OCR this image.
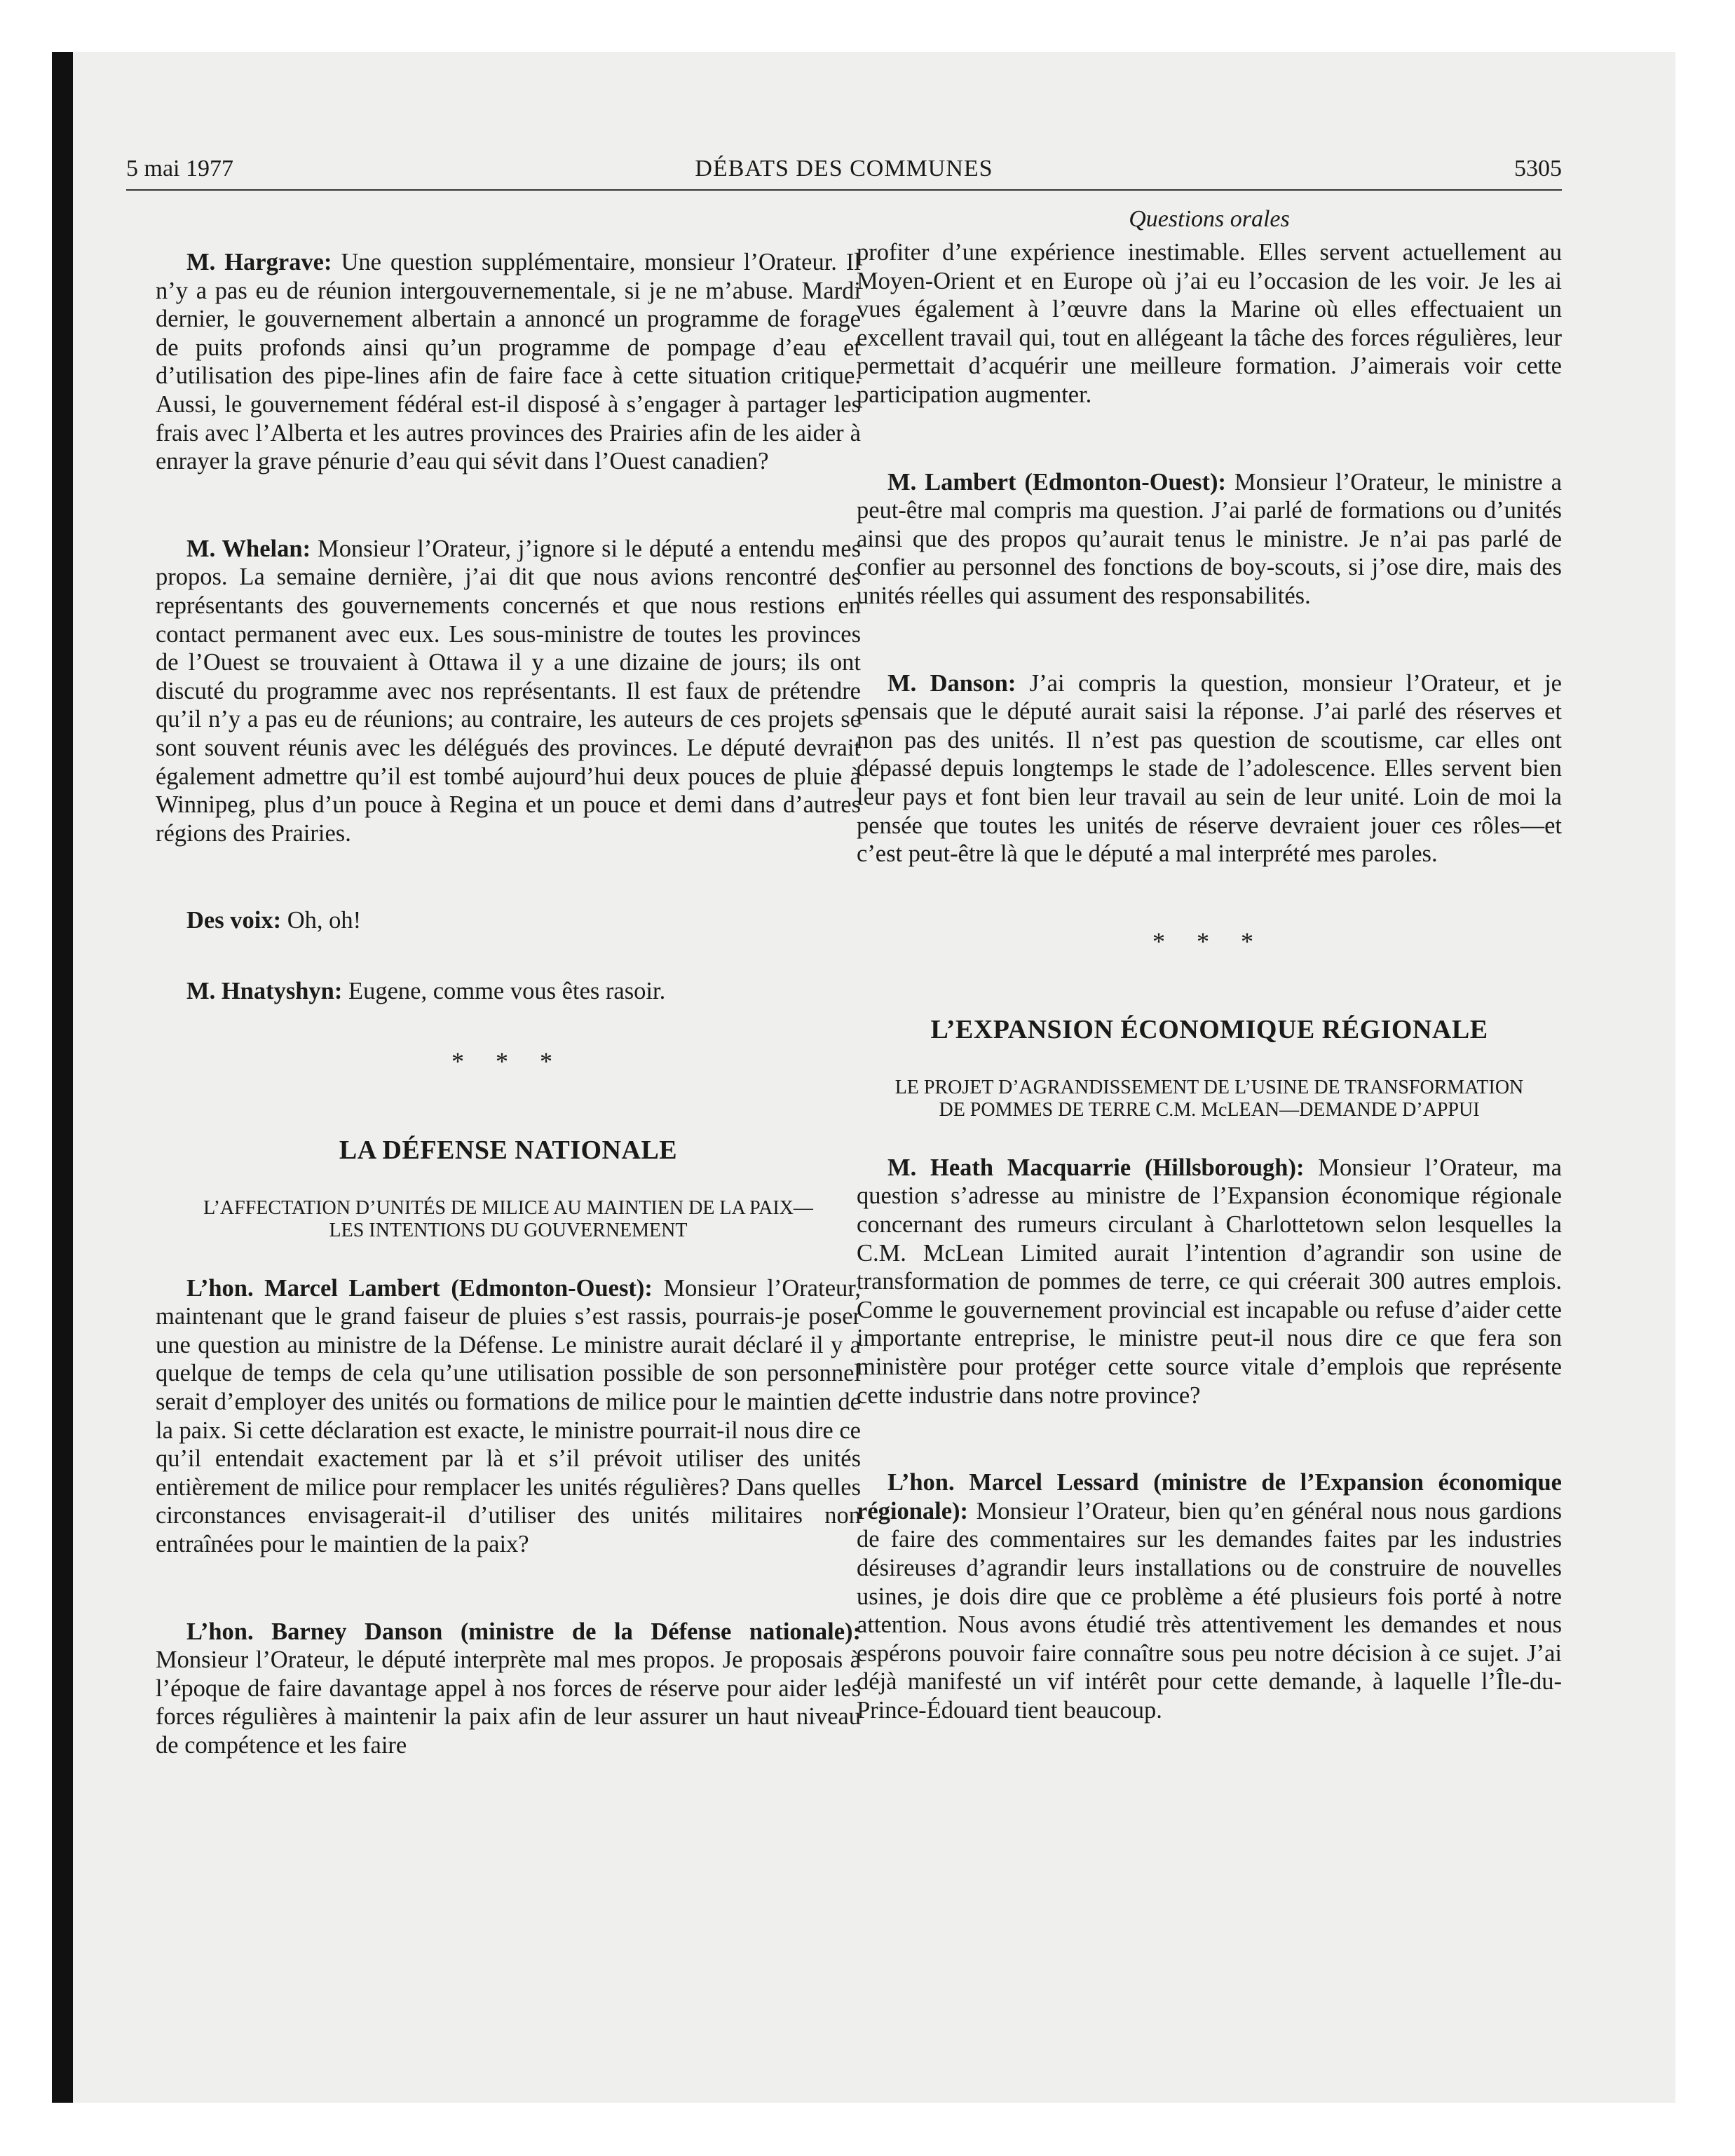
5 mai 1977	DÉBATS DES COMMUNES	5305
Questions orales

M. Hargrave: Une question supplémentaire, monsieur l’Orateur. Il n’y a pas eu de réunion intergouvernementale, si je ne m’abuse. Mardi dernier, le gouvernement albertain a annoncé un programme de forage de puits profonds ainsi qu’un programme de pompage d’eau et d’utilisation des pipe-lines afin de faire face à cette situation critique. Aussi, le gouvernement fédéral est-il disposé à s’engager à partager les frais avec l’Alberta et les autres provinces des Prairies afin de les aider à enrayer la grave pénurie d’eau qui sévit dans l’Ouest canadien?

M. Whelan: Monsieur l’Orateur, j’ignore si le député a entendu mes propos. La semaine dernière, j’ai dit que nous avions rencontré des représentants des gouvernements concernés et que nous restions en contact permanent avec eux. Les sous-ministre de toutes les provinces de l’Ouest se trouvaient à Ottawa il y a une dizaine de jours; ils ont discuté du programme avec nos représentants. Il est faux de prétendre qu’il n’y a pas eu de réunions; au contraire, les auteurs de ces projets se sont souvent réunis avec les délégués des provinces. Le député devrait également admettre qu’il est tombé aujourd’hui deux pouces de pluie à Winnipeg, plus d’un pouce à Regina et un pouce et demi dans d’autres régions des Prairies.

Des voix: Oh, oh!

M. Hnatyshyn: Eugene, comme vous êtes rasoir.

* * *
LA DÉFENSE NATIONALE
L’AFFECTATION D’UNITÉS DE MILICE AU MAINTIEN DE LA PAIX—LES INTENTIONS DU GOUVERNEMENT

L’hon. Marcel Lambert (Edmonton-Ouest): Monsieur l’Orateur, maintenant que le grand faiseur de pluies s’est rassis, pourrais-je poser une question au ministre de la Défense. Le ministre aurait déclaré il y a quelque de temps de cela qu’une utilisation possible de son personnel serait d’employer des unités ou formations de milice pour le maintien de la paix. Si cette déclaration est exacte, le ministre pourrait-il nous dire ce qu’il entendait exactement par là et s’il prévoit utiliser des unités entièrement de milice pour remplacer les unités régulières? Dans quelles circonstances envisagerait-il d’utiliser des unités militaires non entraînées pour le maintien de la paix?

L’hon. Barney Danson (ministre de la Défense nationale): Monsieur l’Orateur, le député interprète mal mes propos. Je proposais à l’époque de faire davantage appel à nos forces de réserve pour aider les forces régulières à maintenir la paix afin de leur assurer un haut niveau de compétence et les faire

profiter d’une expérience inestimable. Elles servent actuellement au Moyen-Orient et en Europe où j’ai eu l’occasion de les voir. Je les ai vues également à l’œuvre dans la Marine où elles effectuaient un excellent travail qui, tout en allégeant la tâche des forces régulières, leur permettait d’acquérir une meilleure formation. J’aimerais voir cette participation augmenter.

M. Lambert (Edmonton-Ouest): Monsieur l’Orateur, le ministre a peut-être mal compris ma question. J’ai parlé de formations ou d’unités ainsi que des propos qu’aurait tenus le ministre. Je n’ai pas parlé de confier au personnel des fonctions de boy-scouts, si j’ose dire, mais des unités réelles qui assument des responsabilités.

M. Danson: J’ai compris la question, monsieur l’Orateur, et je pensais que le député aurait saisi la réponse. J’ai parlé des réserves et non pas des unités. Il n’est pas question de scoutisme, car elles ont dépassé depuis longtemps le stade de l’adolescence. Elles servent bien leur pays et font bien leur travail au sein de leur unité. Loin de moi la pensée que toutes les unités de réserve devraient jouer ces rôles—et c’est peut-être là que le député a mal interprété mes paroles.

* * *
L’EXPANSION ÉCONOMIQUE RÉGIONALE
LE PROJET D’AGRANDISSEMENT DE L’USINE DE TRANSFORMATION DE POMMES DE TERRE C.M. McLEAN—DEMANDE D’APPUI

M. Heath Macquarrie (Hillsborough): Monsieur l’Orateur, ma question s’adresse au ministre de l’Expansion économique régionale concernant des rumeurs circulant à Charlottetown selon lesquelles la C.M. McLean Limited aurait l’intention d’agrandir son usine de transformation de pommes de terre, ce qui créerait 300 autres emplois. Comme le gouvernement provincial est incapable ou refuse d’aider cette importante entreprise, le ministre peut-il nous dire ce que fera son ministère pour protéger cette source vitale d’emplois que représente cette industrie dans notre province?

L’hon. Marcel Lessard (ministre de l’Expansion économique régionale): Monsieur l’Orateur, bien qu’en général nous nous gardions de faire des commentaires sur les demandes faites par les industries désireuses d’agrandir leurs installations ou de construire de nouvelles usines, je dois dire que ce problème a été plusieurs fois porté à notre attention. Nous avons étudié très attentivement les demandes et nous espérons pouvoir faire connaître sous peu notre décision à ce sujet. J’ai déjà manifesté un vif intérêt pour cette demande, à laquelle l’Île-du-Prince-Édouard tient beaucoup.
